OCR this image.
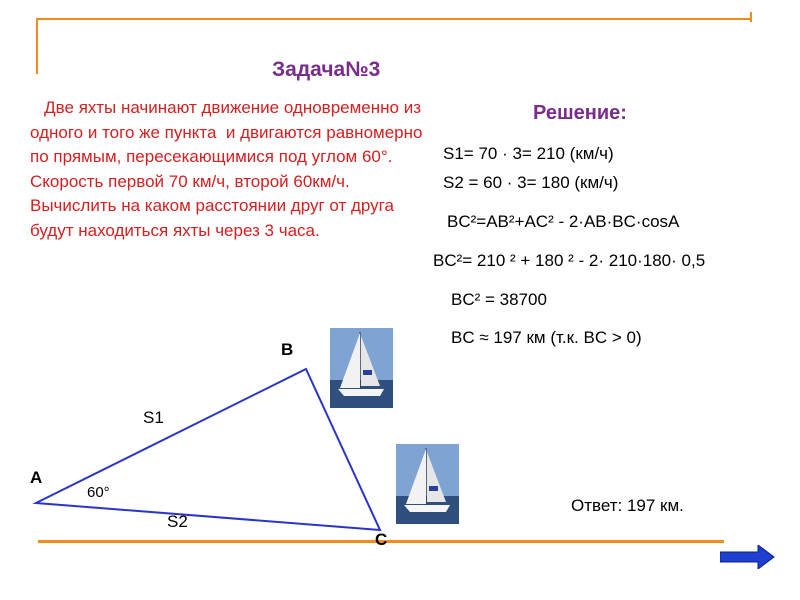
Задача№3
Две яхты начинают движение одновременно из одного и того же пункта  и двигаются равномерно по прямым, пересекающимися под углом 60°. Скорость первой 70 км/ч, второй 60км/ч. Вычислить на каком расстоянии друг от друга будут находиться яхты через 3 часа.
Решение:
S1= 70 · 3= 210 (км/ч)
S2 = 60 · 3= 180 (км/ч)
BC²=AB²+AC² - 2·AB·BC·cosA
BC²= 210 ² + 180 ² - 2· 210·180· 0,5
BC² = 38700
BC ≈ 197 км (т.к. BC > 0)
Ответ: 197 км.
А
В
С
S1
S2
60°
